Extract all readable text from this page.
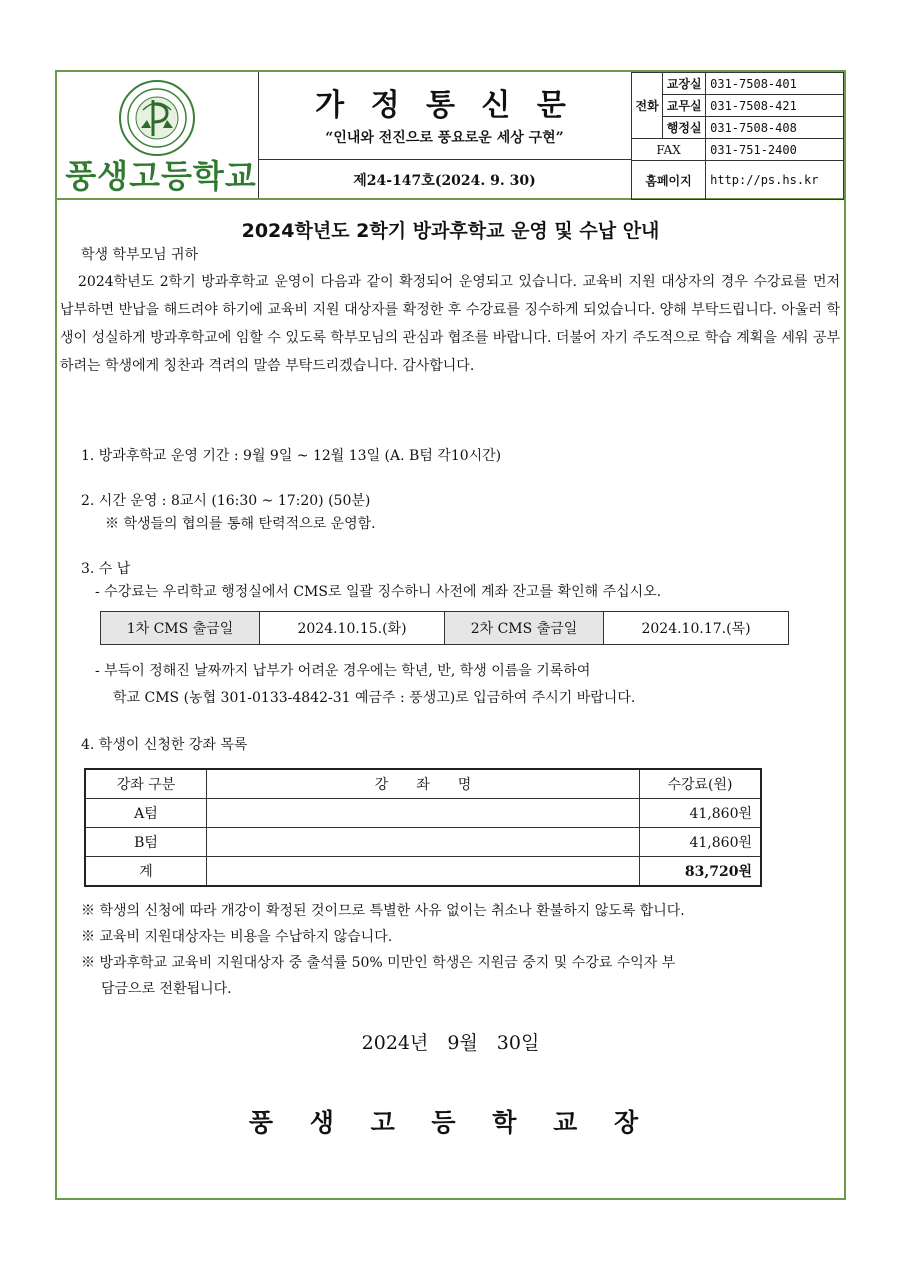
풍생고등학교
가 정 통 신 문
“인내와 전진으로 풍요로운 세상 구현”
제24-147호(2024. 9. 30)
전화	교장실	031-7508-401
	교무실	031-7508-421
	행정실	031-7508-408
FAX		031-751-2400
홈페이지		http://ps.hs.kr
2024학년도 2학기 방과후학교 운영 및 수납 안내
학생 학부모님 귀하
2024학년도 2학기 방과후학교 운영이 다음과 같이 확정되어 운영되고 있습니다. 교육비 지원 대상자의 경우 수강료를 먼저 납부하면 반납을 해드려야 하기에 교육비 지원 대상자를 확정한 후 수강료를 징수하게 되었습니다. 양해 부탁드립니다. 아울러 학생이 성실하게 방과후학교에 임할 수 있도록 학부모님의 관심과 협조를 바랍니다. 더불어 자기 주도적으로 학습 계획을 세워 공부하려는 학생에게 칭찬과 격려의 말씀 부탁드리겠습니다. 감사합니다.
1. 방과후학교 운영 기간 : 9월 9일 ~ 12월 13일 (A. B텀 각10시간)
2. 시간 운영 : 8교시 (16:30 ~ 17:20) (50분)
※ 학생들의 협의를 통해 탄력적으로 운영함.
3. 수 납
- 수강료는 우리학교 행정실에서 CMS로 일괄 징수하니 사전에 계좌 잔고를 확인해 주십시오.
1차 CMS 출금일	2024.10.15.(화)	2차 CMS 출금일	2024.10.17.(목)
- 부득이 정해진 날짜까지 납부가 어려운 경우에는 학년, 반, 학생 이름을 기록하여
학교 CMS (농협 301-0133-4842-31 예금주 : 풍생고)로 입금하여 주시기 바랍니다.
4. 학생이 신청한 강좌 목록
강좌 구분	강　　좌　　명	수강료(원)
A텀		41,860원
B텀		41,860원
계		83,720원
※ 학생의 신청에 따라 개강이 확정된 것이므로 특별한 사유 없이는 취소나 환불하지 않도록 합니다.
※ 교육비 지원대상자는 비용을 수납하지 않습니다.
※ 방과후학교 교육비 지원대상자 중 출석률 50% 미만인 학생은 지원금 중지 및 수강료 수익자 부
담금으로 전환됩니다.
2024년　9월　30일
풍 생 고 등 학 교 장
